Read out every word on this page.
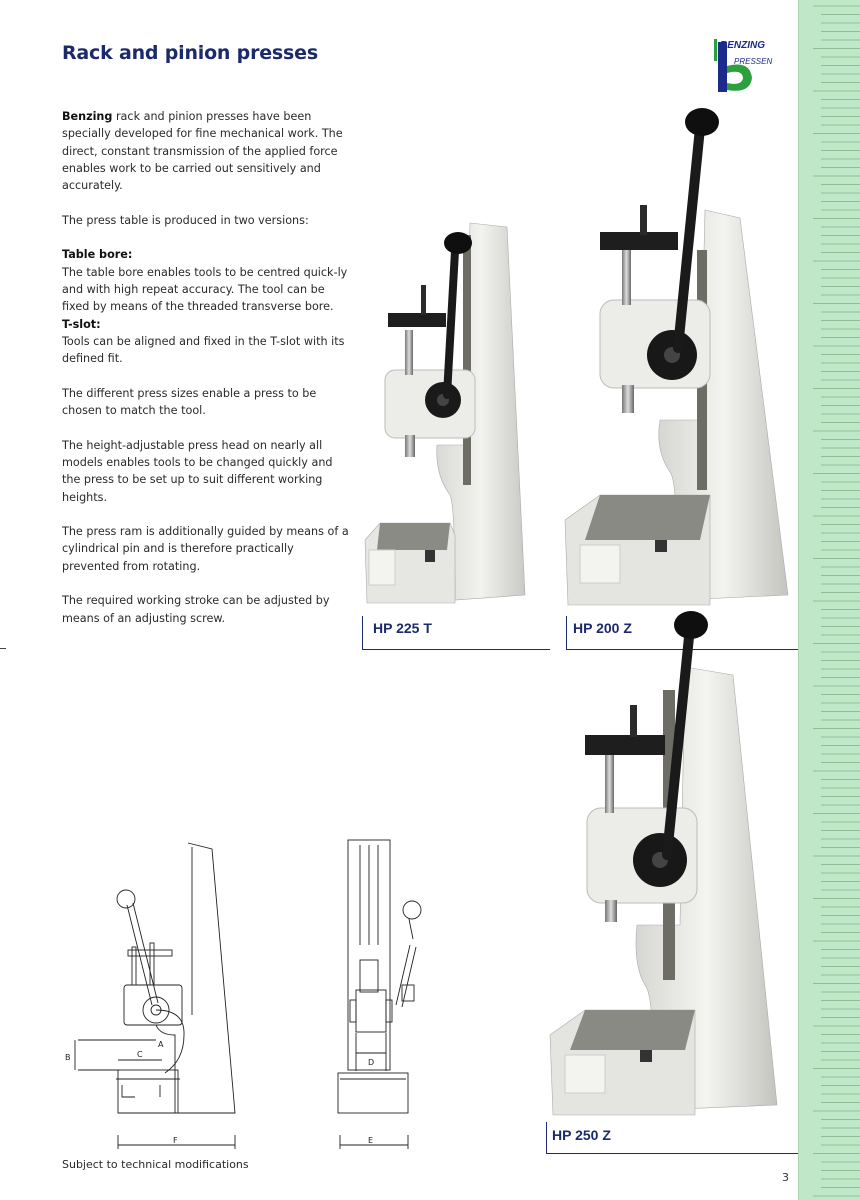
Rack and pinion presses	BENZING
PRESSEN

Benzing rack and pinion presses have been specially developed for fine mechanical work. The direct, constant transmission of the applied force enables work to be carried out sensitively and accurately.

The press table is produced in two versions:

Table bore:
The table bore enables tools to be centred quick-ly and with high repeat accuracy. The tool can be fixed by means of the threaded transverse bore.

T-slot:
Tools can be aligned and fixed in the T-slot with its defined fit.

The different press sizes enable a press to be chosen to match the tool.

The height-adjustable press head on nearly all models enables tools to be changed quickly and the press to be set up to suit different working heights.

The press ram is additionally guided by means of a cylindrical pin and is therefore practically prevented from rotating.

The required working stroke can be adjusted by means of an adjusting screw.

HP 225 T	HP 200 Z
HP 250 Z
B	C
A
F
D
E
Subject to technical modifications
3
